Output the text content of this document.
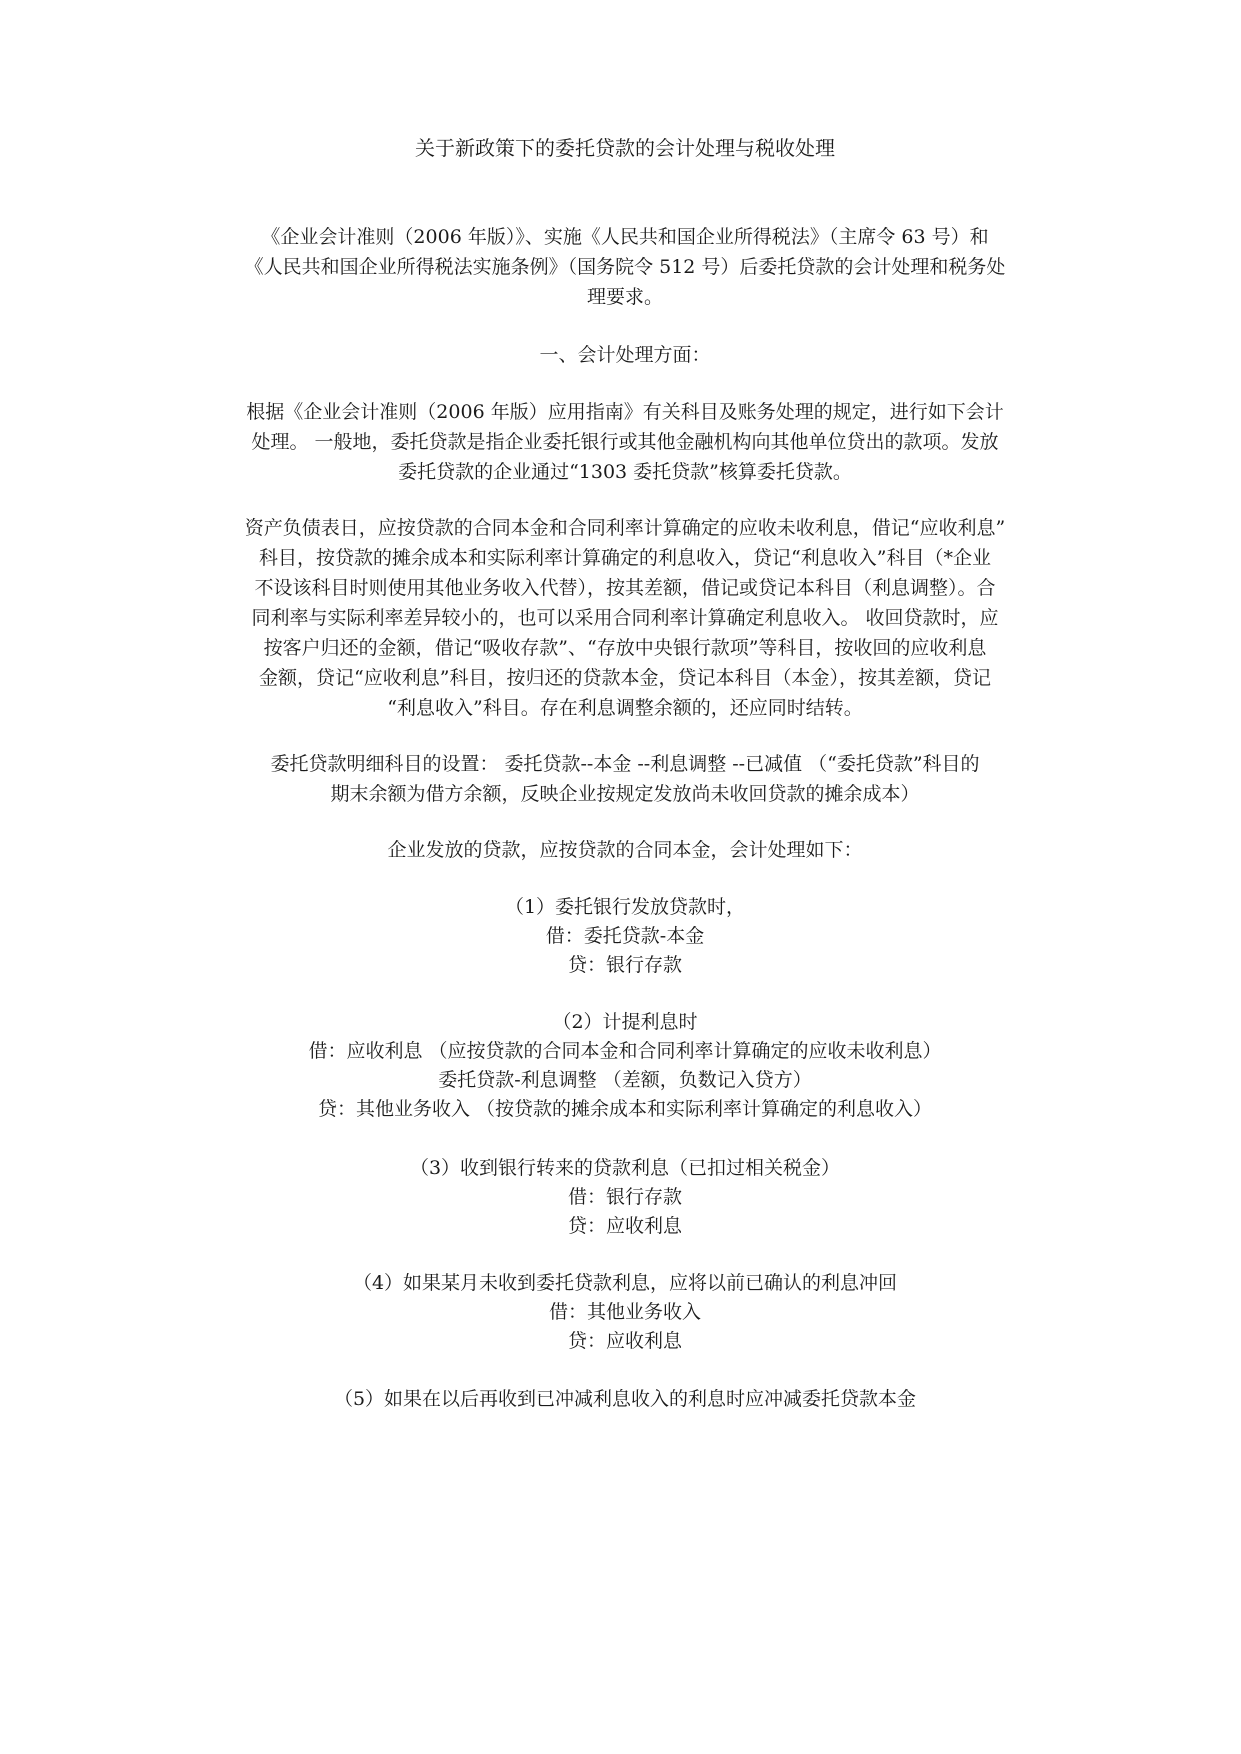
关于新政策下的委托贷款的会计处理与税收处理
《企业会计准则（2006 年版）》、实施《人民共和国企业所得税法》（主席令 63 号）和
《人民共和国企业所得税法实施条例》（国务院令 512 号）后委托贷款的会计处理和税务处
理要求。
一、会计处理方面：
根据《企业会计准则（2006 年版）应用指南》有关科目及账务处理的规定，进行如下会计
处理。 一般地，委托贷款是指企业委托银行或其他金融机构向其他单位贷出的款项。发放
委托贷款的企业通过“1303 委托贷款”核算委托贷款。
资产负债表日，应按贷款的合同本金和合同利率计算确定的应收未收利息，借记“应收利息”
科目，按贷款的摊余成本和实际利率计算确定的利息收入，贷记“利息收入”科目（*企业
不设该科目时则使用其他业务收入代替），按其差额，借记或贷记本科目（利息调整）。合
同利率与实际利率差异较小的，也可以采用合同利率计算确定利息收入。 收回贷款时，应
按客户归还的金额，借记“吸收存款”、“存放中央银行款项”等科目，按收回的应收利息
金额，贷记“应收利息”科目，按归还的贷款本金，贷记本科目（本金），按其差额，贷记
“利息收入”科目。存在利息调整余额的，还应同时结转。
委托贷款明细科目的设置： 委托贷款--本金 --利息调整 --已减值 （“委托贷款”科目的
期末余额为借方余额，反映企业按规定发放尚未收回贷款的摊余成本）
企业发放的贷款，应按贷款的合同本金，会计处理如下：
（1）委托银行发放贷款时，
借：委托贷款-本金
贷：银行存款
（2）计提利息时
借：应收利息 （应按贷款的合同本金和合同利率计算确定的应收未收利息）
委托贷款-利息调整 （差额，负数记入贷方）
贷：其他业务收入 （按贷款的摊余成本和实际利率计算确定的利息收入）
（3）收到银行转来的贷款利息（已扣过相关税金）
借：银行存款
贷：应收利息
（4）如果某月未收到委托贷款利息，应将以前已确认的利息冲回
借：其他业务收入
贷：应收利息
（5）如果在以后再收到已冲减利息收入的利息时应冲减委托贷款本金
